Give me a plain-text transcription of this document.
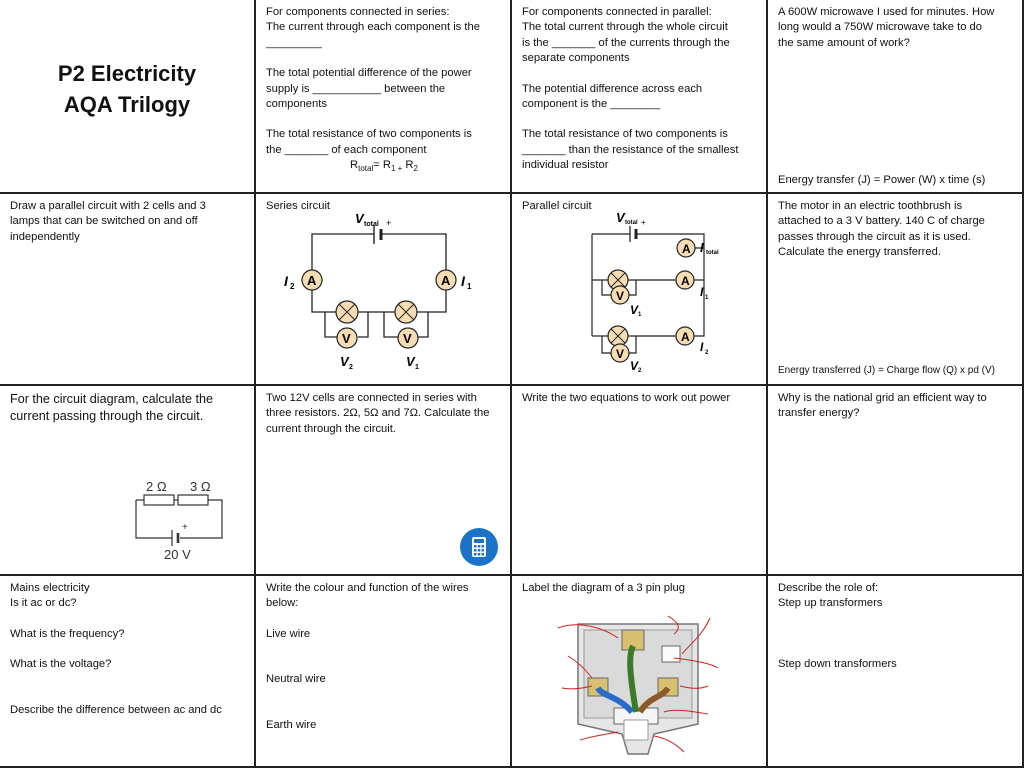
P2 Electricity
AQA Trilogy

For components connected in series:

The current through each component is the

_________

The total potential difference of the power

supply is ___________ between the

components

The total resistance of two components is

the _______ of each component

$R_{total}= R_{1 +}$ $R_2$

For components connected in parallel:

The total current through the whole circuit

is the _______ of the currents through the

separate components

The potential difference across each

component is the ________

The total resistance of two components is

_______ than the resistance of the smallest

individual resistor

A 600W microwave I used for minutes. How

long would a 750W microwave take to do

the same amount of work?

Energy transfer (J) = Power (W) x time (s)

Draw a parallel circuit with 2 cells and 3

lamps that can be switched on and off

independently

Series circuit

V total +
A	A
I 2	I 1
V	V
V 2	V 1

Parallel circuit

V total +
A I total
A
I 1
V
V 1
A
I 2
V
V 2

The motor in an electric toothbrush is

attached to a 3 V battery. 140 C of charge

passes through the circuit as it is used.

Calculate the energy transferred.

Energy transferred (J) = Charge flow (Q) x pd (V)

For the circuit diagram, calculate the

current passing through the circuit.

2 Ω 3 Ω
+
20 V

Two 12V cells are connected in series with

three resistors. 2Ω, 5Ω and 7Ω. Calculate the

current through the circuit.

Write the two equations to work out power	Why is the national grid an efficient way to

transfer energy?

Mains electricity

Is it ac or dc?

What is the frequency?

What is the voltage?

Describe the difference between ac and dc

Write the colour and function of the wires

below:

Live wire

Neutral wire

Earth wire

Label the diagram of a 3 pin plug	Describe the role of:

Step up transformers

Step down transformers
